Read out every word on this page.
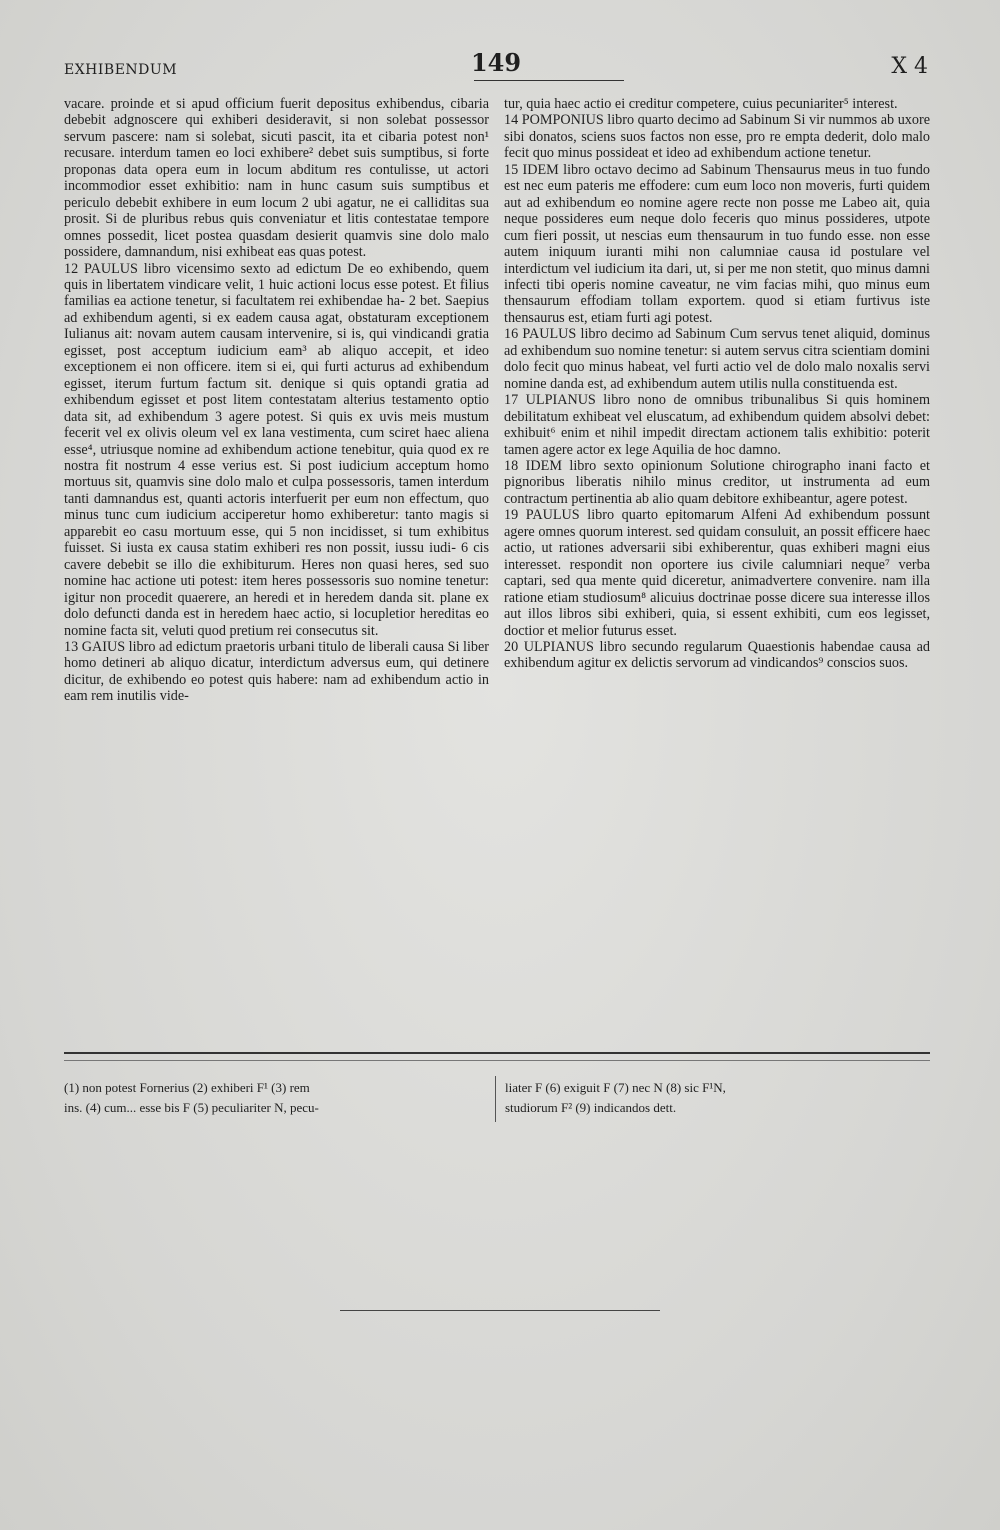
EXHIBENDUM	149	X 4

vacare. proinde et si apud officium fuerit depositus exhibendus, cibaria debebit adgnoscere qui exhiberi desideravit, si non solebat possessor servum pascere: nam si solebat, sicuti pascit, ita et cibaria potest non¹ recusare. interdum tamen eo loci exhibere² debet suis sumptibus, si forte proponas data opera eum in locum abditum res contulisse, ut actori incommodior esset exhibitio: nam in hunc casum suis sumptibus et periculo debebit exhibere in eum locum 2 ubi agatur, ne ei calliditas sua prosit. Si de pluribus rebus quis conveniatur et litis contestatae tempore omnes possedit, licet postea quasdam desierit quamvis sine dolo malo possidere, damnandum, nisi exhibeat eas quas potest.

12 PAULUS libro vicensimo sexto ad edictum De eo exhibendo, quem quis in libertatem vindicare velit, 1 huic actioni locus esse potest. Et filius familias ea actione tenetur, si facultatem rei exhibendae ha- 2 bet. Saepius ad exhibendum agenti, si ex eadem causa agat, obstaturam exceptionem Iulianus ait: novam autem causam intervenire, si is, qui vindicandi gratia egisset, post acceptum iudicium eam³ ab aliquo accepit, et ideo exceptionem ei non officere. item si ei, qui furti acturus ad exhibendum egisset, iterum furtum factum sit. denique si quis optandi gratia ad exhibendum egisset et post litem contestatam alterius testamento optio data sit, ad exhibendum 3 agere potest. Si quis ex uvis meis mustum fecerit vel ex olivis oleum vel ex lana vestimenta, cum sciret haec aliena esse⁴, utriusque nomine ad exhibendum actione tenebitur, quia quod ex re nostra fit nostrum 4 esse verius est. Si post iudicium acceptum homo mortuus sit, quamvis sine dolo malo et culpa possessoris, tamen interdum tanti damnandus est, quanti actoris interfuerit per eum non effectum, quo minus tunc cum iudicium acciperetur homo exhiberetur: tanto magis si apparebit eo casu mortuum esse, qui 5 non incidisset, si tum exhibitus fuisset. Si iusta ex causa statim exhiberi res non possit, iussu iudi- 6 cis cavere debebit se illo die exhibiturum. Heres non quasi heres, sed suo nomine hac actione uti potest: item heres possessoris suo nomine tenetur: igitur non procedit quaerere, an heredi et in heredem danda sit. plane ex dolo defuncti danda est in heredem haec actio, si locupletior hereditas eo nomine facta sit, veluti quod pretium rei consecutus sit.

13 GAIUS libro ad edictum praetoris urbani titulo de liberali causa Si liber homo detineri ab aliquo dicatur, interdictum adversus eum, qui detinere dicitur, de exhibendo eo potest quis habere: nam ad exhibendum actio in eam rem inutilis vide-

tur, quia haec actio ei creditur competere, cuius pecuniariter⁵ interest.

14 POMPONIUS libro quarto decimo ad Sabinum Si vir nummos ab uxore sibi donatos, sciens suos factos non esse, pro re empta dederit, dolo malo fecit quo minus possideat et ideo ad exhibendum actione tenetur.

15 IDEM libro octavo decimo ad Sabinum Thensaurus meus in tuo fundo est nec eum pateris me effodere: cum eum loco non moveris, furti quidem aut ad exhibendum eo nomine agere recte non posse me Labeo ait, quia neque possideres eum neque dolo feceris quo minus possideres, utpote cum fieri possit, ut nescias eum thensaurum in tuo fundo esse. non esse autem iniquum iuranti mihi non calumniae causa id postulare vel interdictum vel iudicium ita dari, ut, si per me non stetit, quo minus damni infecti tibi operis nomine caveatur, ne vim facias mihi, quo minus eum thensaurum effodiam tollam exportem. quod si etiam furtivus iste thensaurus est, etiam furti agi potest.

16 PAULUS libro decimo ad Sabinum Cum servus tenet aliquid, dominus ad exhibendum suo nomine tenetur: si autem servus citra scientiam domini dolo fecit quo minus habeat, vel furti actio vel de dolo malo noxalis servi nomine danda est, ad exhibendum autem utilis nulla constituenda est.

17 ULPIANUS libro nono de omnibus tribunalibus Si quis hominem debilitatum exhibeat vel eluscatum, ad exhibendum quidem absolvi debet: exhibuit⁶ enim et nihil impedit directam actionem talis exhibitio: poterit tamen agere actor ex lege Aquilia de hoc damno.

18 IDEM libro sexto opinionum Solutione chirographo inani facto et pignoribus liberatis nihilo minus creditor, ut instrumenta ad eum contractum pertinentia ab alio quam debitore exhibeantur, agere potest.

19 PAULUS libro quarto epitomarum Alfeni Ad exhibendum possunt agere omnes quorum interest. sed quidam consuluit, an possit efficere haec actio, ut rationes adversarii sibi exhiberentur, quas exhiberi magni eius interesset. respondit non oportere ius civile calumniari neque⁷ verba captari, sed qua mente quid diceretur, animadvertere convenire. nam illa ratione etiam studiosum⁸ alicuius doctrinae posse dicere sua interesse illos aut illos libros sibi exhiberi, quia, si essent exhibiti, cum eos legisset, doctior et melior futurus esset.

20 ULPIANUS libro secundo regularum Quaestionis habendae causa ad exhibendum agitur ex delictis servorum ad vindicandos⁹ conscios suos.

(1) non potest Fornerius (2) exhiberi F¹ (3) rem

ins. (4) cum... esse bis F (5) peculiariter N, pecu-

liater F (6) exiguit F (7) nec N (8) sic F¹N,

studiorum F² (9) indicandos dett.
